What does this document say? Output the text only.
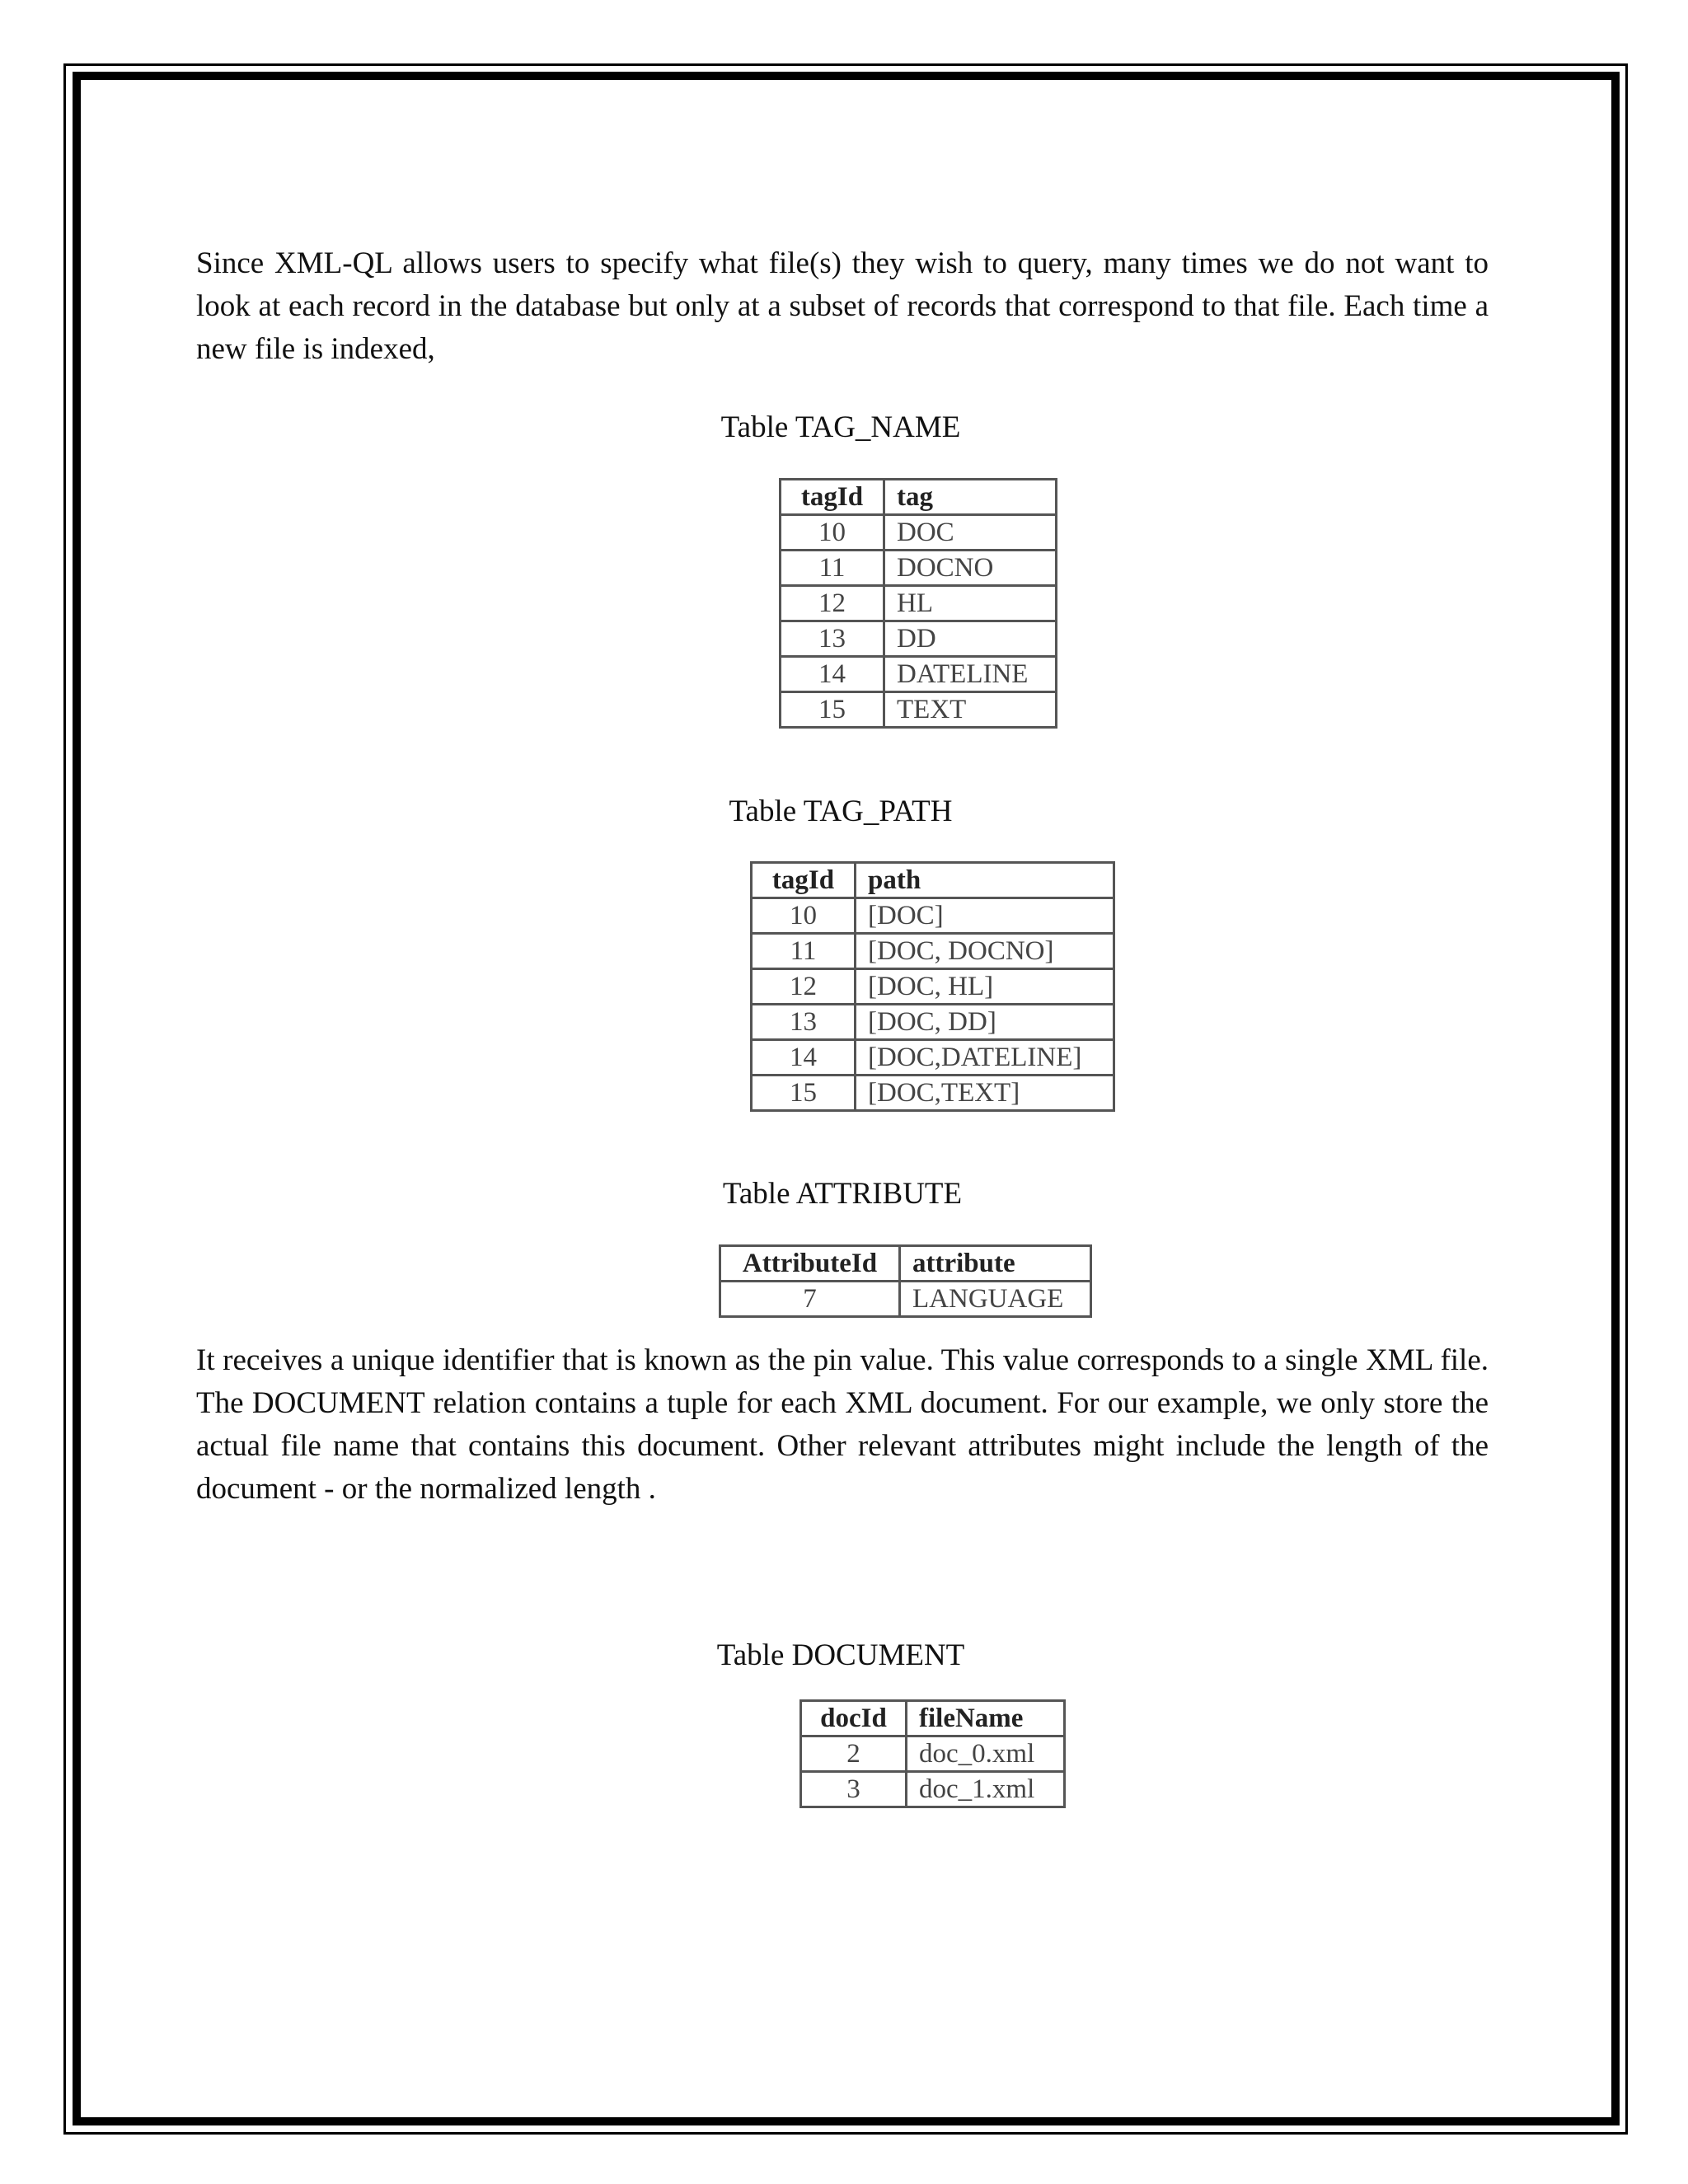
Since XML-QL allows users to specify what file(s) they wish to query, many times we do not want to look at each record in the database but only at a subset of records that correspond to that file. Each time a new file is indexed,

Table TAG_NAME

tagId	tag
10	DOC
11	DOCNO
12	HL
13	DD
14	DATELINE
15	TEXT

Table TAG_PATH

tagId	path
10	[DOC]
11	[DOC, DOCNO]
12	[DOC, HL]
13	[DOC, DD]
14	[DOC,DATELINE]
15	[DOC,TEXT]

Table ATTRIBUTE

AttributeId	attribute
7	LANGUAGE

It receives a unique identifier that is known as the pin value. This value corresponds to a single XML file. The DOCUMENT relation contains a tuple for each XML document. For our example, we only store the actual file name that contains this document. Other relevant attributes might include the length of the document - or the normalized length .

Table DOCUMENT

docId	fileName
2	doc_0.xml
3	doc_1.xml
